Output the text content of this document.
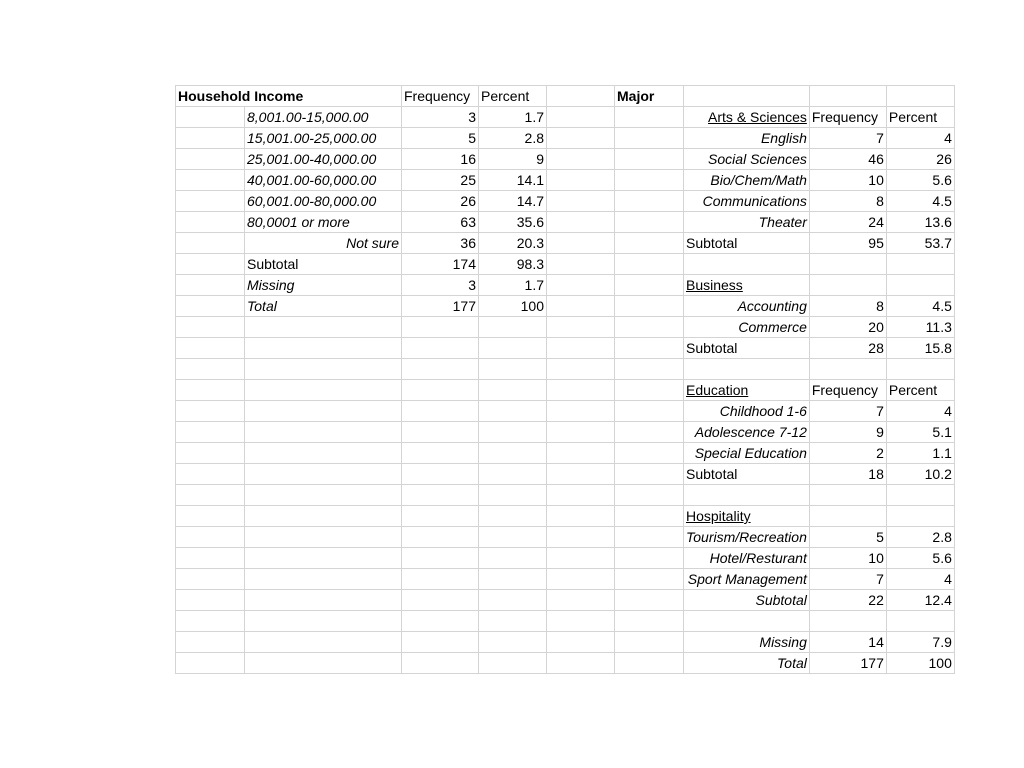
Household Income		Frequency	Percent		Major			
	8,001.00-15,000.00	3	1.7			Arts & Sciences	Frequency	Percent
	15,001.00-25,000.00	5	2.8			English	7	4
	25,001.00-40,000.00	16	9			Social Sciences	46	26
	40,001.00-60,000.00	25	14.1			Bio/Chem/Math	10	5.6
	60,001.00-80,000.00	26	14.7			Communications	8	4.5
	80,0001 or more	63	35.6			Theater	24	13.6
	Not sure	36	20.3			Subtotal	95	53.7
	Subtotal	174	98.3					
	Missing	3	1.7			Business		
	Total	177	100			Accounting	8	4.5
						Commerce	20	11.3
						Subtotal	28	15.8

						Education	Frequency	Percent
						Childhood 1-6	7	4
						Adolescence 7-12	9	5.1
						Special Education	2	1.1
						Subtotal	18	10.2

						Hospitality		
						Tourism/Recreation	5	2.8
						Hotel/Resturant	10	5.6
						Sport Management	7	4
						Subtotal	22	12.4

						Missing	14	7.9
						Total	177	100
